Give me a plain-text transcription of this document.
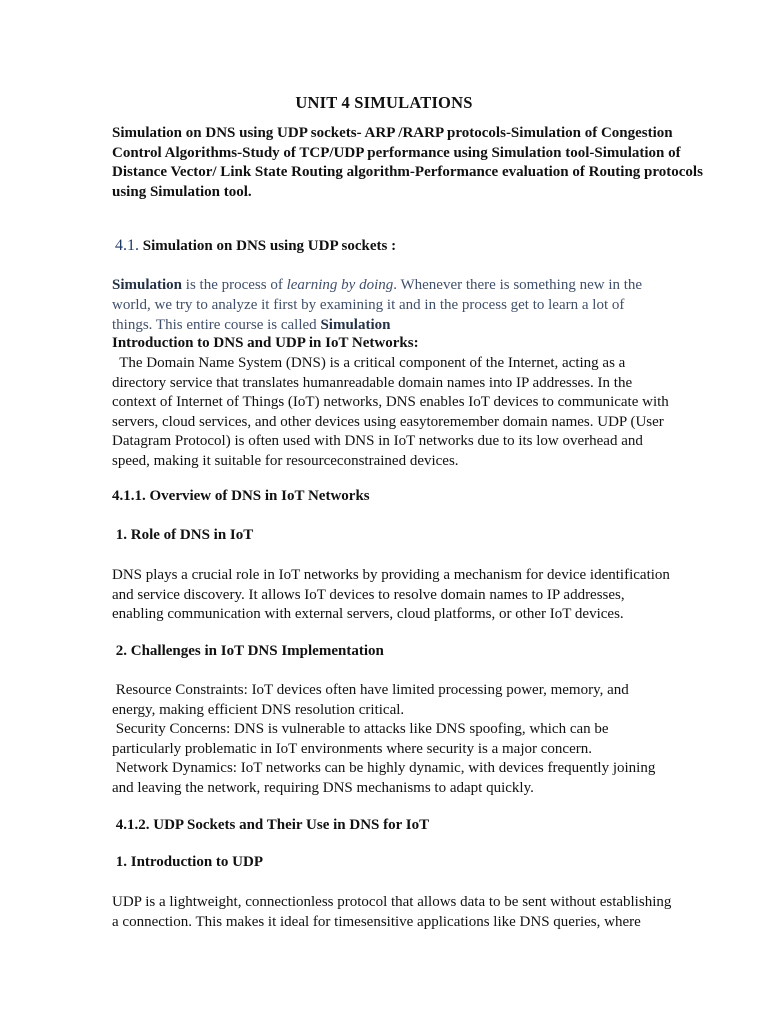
UNIT 4 SIMULATIONS

Simulation on DNS using UDP sockets- ARP /RARP protocols-Simulation of Congestion
Control Algorithms-Study of TCP/UDP performance using Simulation tool-Simulation of
Distance Vector/ Link State Routing algorithm-Performance evaluation of Routing protocols
using Simulation tool.

4.1. Simulation on DNS using UDP sockets :

Simulation is the process of learning by doing. Whenever there is something new in the
world, we try to analyze it first by examining it and in the process get to learn a lot of
things. This entire course is called Simulation

Introduction to DNS and UDP in IoT Networks:

The Domain Name System (DNS) is a critical component of the Internet, acting as a
directory service that translates humanreadable domain names into IP addresses. In the
context of Internet of Things (IoT) networks, DNS enables IoT devices to communicate with
servers, cloud services, and other devices using easytoremember domain names. UDP (User
Datagram Protocol) is often used with DNS in IoT networks due to its low overhead and
speed, making it suitable for resourceconstrained devices.

4.1.1. Overview of DNS in IoT Networks
1. Role of DNS in IoT

DNS plays a crucial role in IoT networks by providing a mechanism for device identification
and service discovery. It allows IoT devices to resolve domain names to IP addresses,
enabling communication with external servers, cloud platforms, or other IoT devices.

2. Challenges in IoT DNS Implementation

Resource Constraints: IoT devices often have limited processing power, memory, and
energy, making efficient DNS resolution critical.
Security Concerns: DNS is vulnerable to attacks like DNS spoofing, which can be
particularly problematic in IoT environments where security is a major concern.
Network Dynamics: IoT networks can be highly dynamic, with devices frequently joining
and leaving the network, requiring DNS mechanisms to adapt quickly.

4.1.2. UDP Sockets and Their Use in DNS for IoT
1. Introduction to UDP

UDP is a lightweight, connectionless protocol that allows data to be sent without establishing
a connection. This makes it ideal for timesensitive applications like DNS queries, where
